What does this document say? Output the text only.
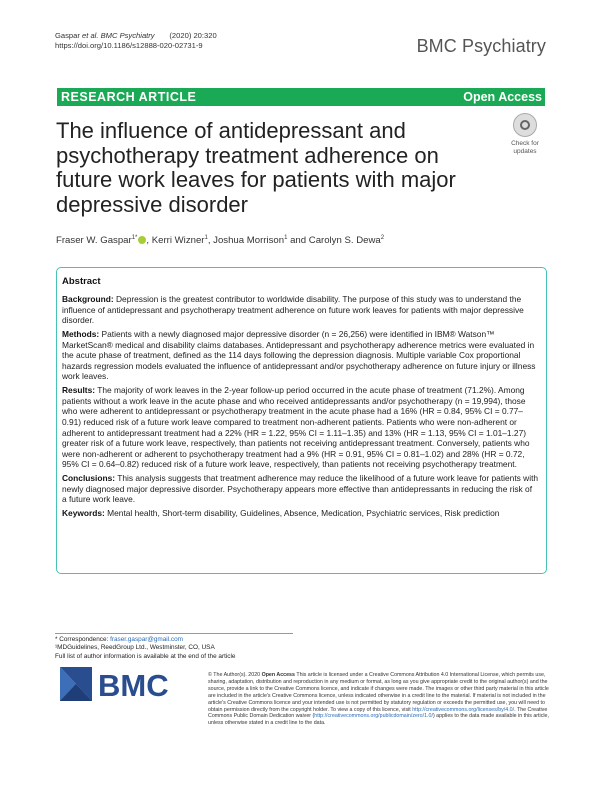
Gaspar et al. BMC Psychiatry (2020) 20:320
https://doi.org/10.1186/s12888-020-02731-9	BMC Psychiatry
RESEARCH ARTICLE	Open Access
The influence of antidepressant and psychotherapy treatment adherence on future work leaves for patients with major depressive disorder
Check for
updates
Fraser W. Gaspar$^{1*}$ , Kerri Wizner$^1$, Joshua Morrison$^1$ and Carolyn S. Dewa$^2$
Abstract

Background: Depression is the greatest contributor to worldwide disability. The purpose of this study was to understand the influence of antidepressant and psychotherapy treatment adherence on future work leaves for patients with major depressive disorder.

Methods: Patients with a newly diagnosed major depressive disorder (n = 26,256) were identified in IBM® Watson™ MarketScan® medical and disability claims databases. Antidepressant and psychotherapy adherence metrics were evaluated in the acute phase of treatment, defined as the 114 days following the depression diagnosis. Multiple variable Cox proportional hazards regression models evaluated the influence of antidepressant and/or psychotherapy adherence on future injury or illness work leaves.

Results: The majority of work leaves in the 2-year follow-up period occurred in the acute phase of treatment (71.2%). Among patients without a work leave in the acute phase and who received antidepressants and/or psychotherapy (n = 19,994), those who were adherent to antidepressant or psychotherapy treatment in the acute phase had a 16% (HR = 0.84, 95% CI = 0.77–0.91) reduced risk of a future work leave compared to treatment non-adherent patients. Patients who were non-adherent or adherent to antidepressant treatment had a 22% (HR = 1.22, 95% CI = 1.11–1.35) and 13% (HR = 1.13, 95% CI = 1.01–1.27) greater risk of a future work leave, respectively, than patients not receiving antidepressant treatment. Conversely, patients who were non-adherent or adherent to psychotherapy treatment had a 9% (HR = 0.91, 95% CI = 0.81–1.02) and 28% (HR = 0.72, 95% CI = 0.64–0.82) reduced risk of a future work leave, respectively, than patients not receiving psychotherapy treatment.

Conclusions: This analysis suggests that treatment adherence may reduce the likelihood of a future work leave for patients with newly diagnosed major depressive disorder. Psychotherapy appears more effective than antidepressants in reducing the risk of a future work leave.

Keywords: Mental health, Short-term disability, Guidelines, Absence, Medication, Psychiatric services, Risk prediction

* Correspondence: fraser.gaspar@gmail.com
¹MDGuidelines, ReedGroup Ltd., Westminster, CO, USA
Full list of author information is available at the end of the article
BMC	© The Author(s). 2020 Open Access This article is licensed under a Creative Commons Attribution 4.0 International License, which permits use, sharing, adaptation, distribution and reproduction in any medium or format, as long as you give appropriate credit to the original author(s) and the source, provide a link to the Creative Commons licence, and indicate if changes were made. The images or other third party material in this article are included in the article's Creative Commons licence, unless indicated otherwise in a credit line to the material. If material is not included in the article's Creative Commons licence and your intended use is not permitted by statutory regulation or exceeds the permitted use, you will need to obtain permission directly from the copyright holder. To view a copy of this licence, visit http://creativecommons.org/licenses/by/4.0/. The Creative Commons Public Domain Dedication waiver (http://creativecommons.org/publicdomain/zero/1.0/) applies to the data made available in this article, unless otherwise stated in a credit line to the data.
